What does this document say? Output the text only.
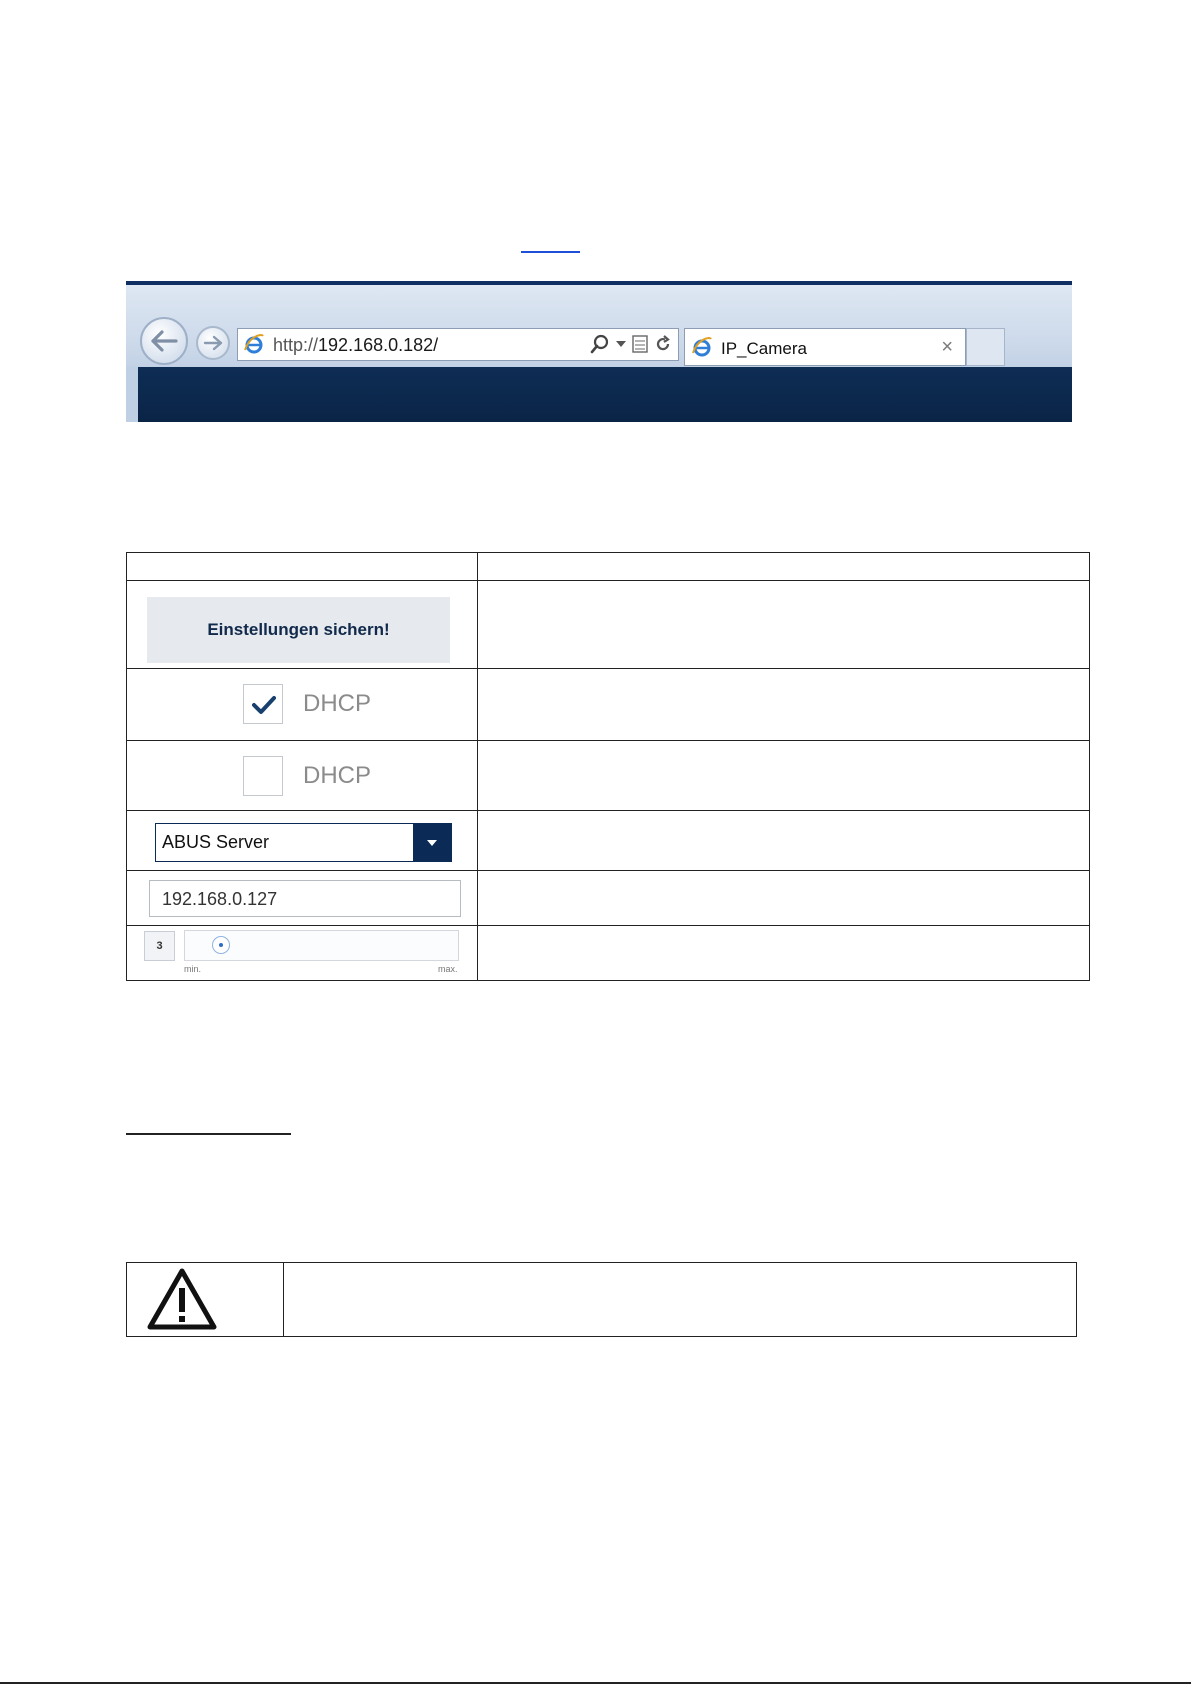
http://192.168.0.182/	IP_Camera	×

Einstellungen sichern!	

DHCP	

DHCP	

ABUS Server	

192.168.0.127	

3
min. max.	
